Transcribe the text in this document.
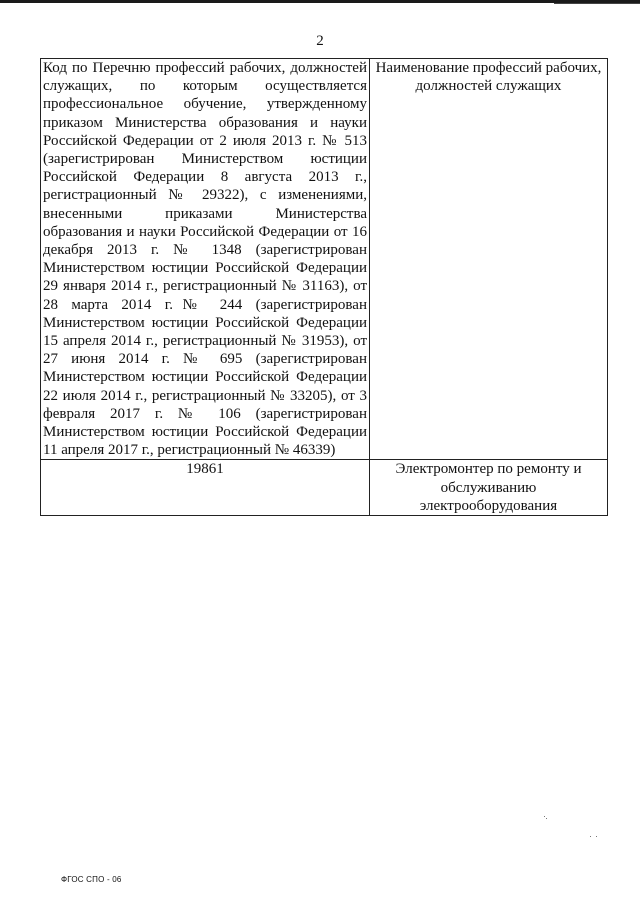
2
Код по Перечню профессий рабочих, должностей служащих, по которым осуществляется профессиональное обучение, утвержденному приказом Министерства образования и науки Российской Федерации от 2 июля 2013 г. № 513 (зарегистрирован Министерством юстиции Российской Федерации 8 августа 2013 г., регистрационный № 29322), с изменениями, внесенными приказами Министерства образования и науки Российской Федерации от 16 декабря 2013 г. № 1348 (зарегистрирован Министерством юстиции Российской Федерации 29 января 2014 г., регистрационный № 31163), от 28 марта 2014 г.№ 244 (зарегистрирован Министерством юстиции Российской Федерации 15 апреля 2014 г., регистрационный № 31953), от 27 июня 2014 г. № 695 (зарегистрирован Министерством юстиции Российской Федерации 22 июля 2014 г., регистрационный № 33205), от 3 февраля 2017 г. № 106 (зарегистрирован Министерством юстиции Российской Федерации 11 апреля 2017 г., регистрационный № 46339)	Наименование профессий рабочих, должностей служащих
19861	Электромонтер по ремонту и обслуживанию электрооборудования
ФГОС СПО - 06
